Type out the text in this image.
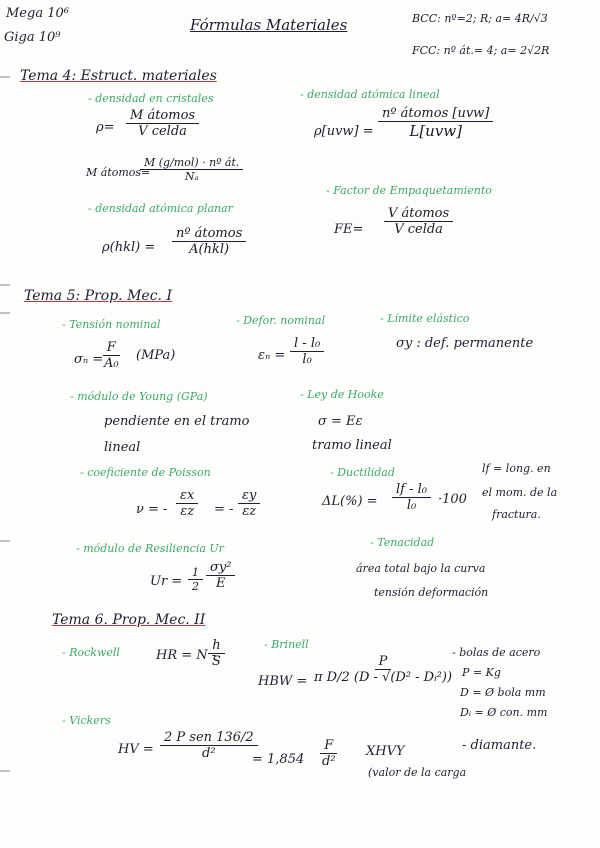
Mega 10⁶
Giga 10⁹
Fórmulas Materiales	BCC: nº=2; R; a= 4R/√3
FCC: nº át.= 4; a= 2√2R
Tema 4: Estruct. materiales
- densidad en cristales
ρ=
M átomos
V celda
M átomos=
M (g/mol) · nº át.
Nₐ
- densidad atómica planar
ρ(hkl) =
nº átomos
A(hkl)
- densidad atómica lineal
ρ[uvw] =
nº átomos [uvw]
L[uvw]
- Factor de Empaquetamiento
FE=
V átomos
V celda
Tema 5: Prop. Mec. I
- Tensión nominal
σₙ =
$\frac{F}{\text{A₀}} (MPa)$
- Defor. nominal
$\varepsilon_n = \frac{\text{l - l₀}}{\text{l₀}}$
- Límite elástico
σy : def. permanente
- módulo de Young (GPa)
pendiente en el tramo
lineal
- Ley de Hooke
σ = Eε
tramo lineal
- coeficiente de Poisson
ν = - $\frac{\varepsilon x}{\varepsilon z}$ = - $\frac{\varepsilon y}{\varepsilon z}$
- Ductilidad
$\Delta L(\%) = \frac{\text{lf - l₀}}{\text{l₀}} \cdot 100$
lf = long. en
el mom. de la
fractura.
- módulo de Resiliencia Ur
$Ur = \frac{1}{2} \frac{\text{σy²}}{E}$
- Tenacidad
área total bajo la curva
tensión deformación
Tema 6. Prop. Mec. II
- Rockwell	HR = N -
$\frac{h}{S}$	- Brinell
HBW = $\frac{P}{\text{π D/2 (D - √(D² - Dᵢ²))}}$
- bolas de acero
P = Kg
D = Ø bola mm
Dᵢ = Ø con. mm
- Vickers
HV =
2 P sen 136/2
d²	= $1,854 \frac{F}{\text{d²}}$ XHVY	- diamante.
(valor de la carga
